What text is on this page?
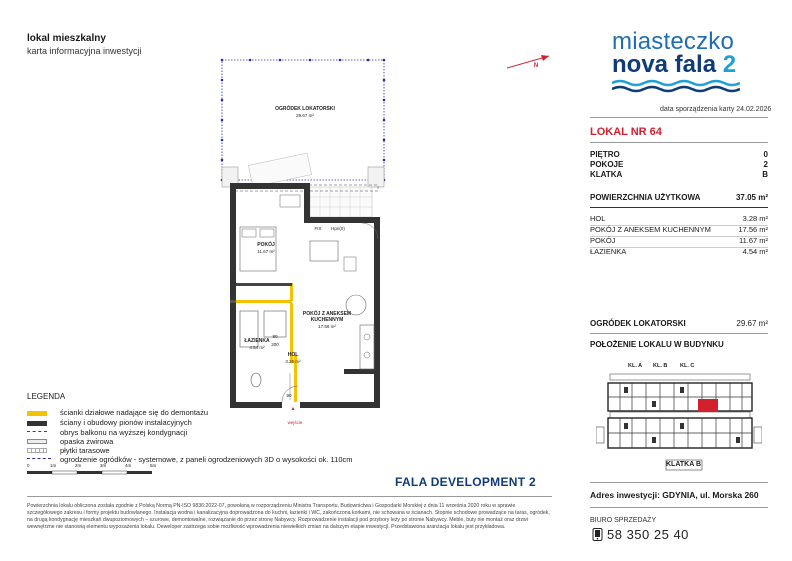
lokal mieszkalny
karta informacyjna inwestycji	miasteczko
nova fala 2
data sporządzenia karty 24.02.2026
LOKAL NR 64
PIĘTRO	0
POKOJE	2
KLATKA	B
POWIERZCHNIA UŻYTKOWA	37.05 m²
HOL	3.28 m²
POKÓJ Z ANEKSEM KUCHENNYM	17.56 m²
POKÓJ	11.67 m²
ŁAZIENKA	4.54 m²
OGRÓDEK LOKATORSKI	29.67 m²
POŁOŻENIE LOKALU W BUDYNKU
KL. A KL. B KL. C
KLATKA B
OGRÓDEK LOKATORSKI
29.67 m²
POKÓJ
11.67 m²
POKÓJ Z ANEKSEM
KUCHENNYM
17.56 m²
ŁAZIENKA
4.54 m²
HOL
3.28 m²
wejście
FIX	Hpn(0)
80
200
90
N
LEGENDA
ścianki działowe nadające się do demontażu
ściany i obudowy pionów instalacyjnych
obrys balkonu na wyższej kondygnacji
opaska żwirowa
płytki tarasowe
ogrodzenie ogródków - systemowe, z paneli ogrodzeniowych 3D o wysokości ok. 110cm
0	1m	2m	3m	4m	5m
FALA DEVELOPMENT 2
Powierzchnia lokalu obliczona została zgodnie z Polską Normą PN-ISO 9836:2022-07, powołaną w rozporządzeniu Ministra Transportu, Budownictwa i Gospodarki Morskiej z dnia 11 września 2020 roku w sprawie szczegółowego zakresu i formy projektu budowlanego. Instalacja wodna i kanalizacyjna doprowadzona do kuchni, łazienki i WC, zakończona korkami, nie schowana w ścianach. Stopnie schodowe prowadzące na taras, ogródek, na drugą kondygnację mieszkań dwupoziomowych – szurowe, demontowalne, rozwiązanie do przez stronę Nabywcy. Rozprowadzenie instalacji pod przybory leży po stronie Nabywcy. Meble, buty nie montaż oraz drzwi wewnętrzne nie stanowią elementu wyposażenia lokalu. Deweloper zastrzega sobie możliwość wprowadzenia niewielkich zmian na dalszym etapie inwestycji. Przedstawiona aranżacja lokalu jest przykładowa.
Adres inwestycji: GDYNIA, ul. Morska 260
BIURO SPRZEDAŻY
58 350 25 40
